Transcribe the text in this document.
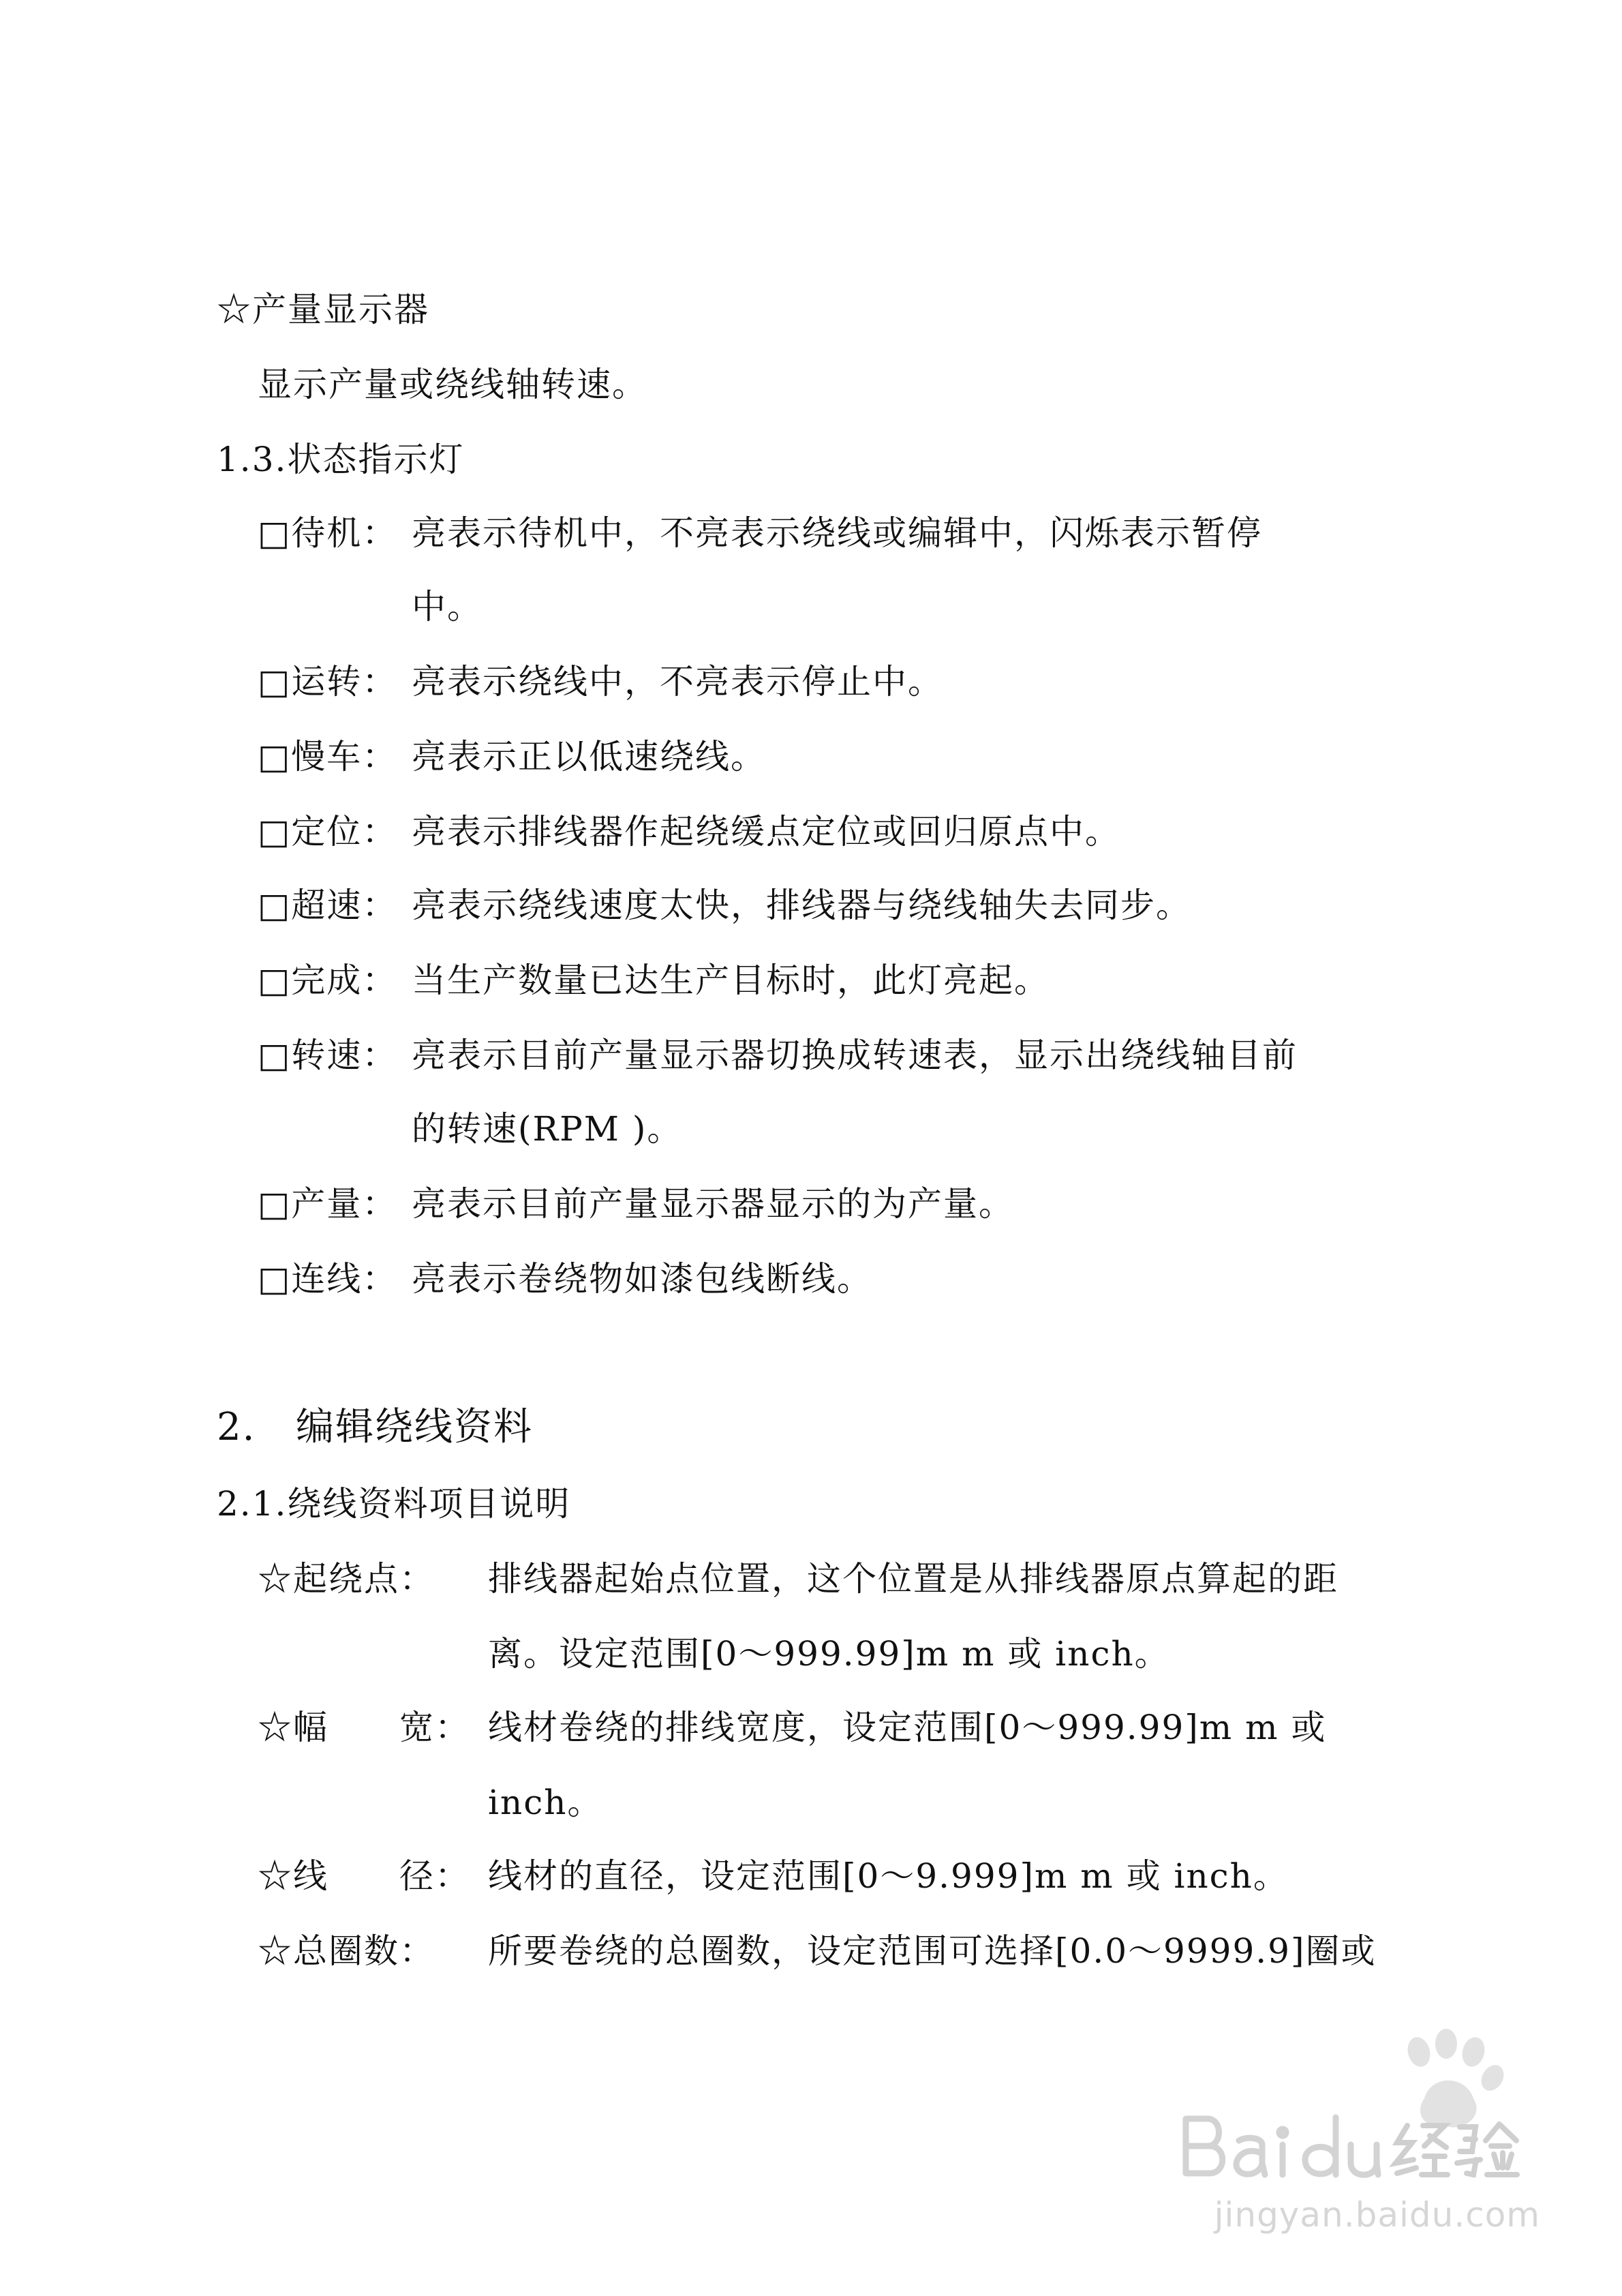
☆产量显示器
显示产量或绕线轴转速。
1.3.状态指示灯
□待机： 亮表示待机中，不亮表示绕线或编辑中，闪烁表示暂停
中。
□运转： 亮表示绕线中，不亮表示停止中。
□慢车： 亮表示正以低速绕线。
□定位： 亮表示排线器作起绕缓点定位或回归原点中。
□超速： 亮表示绕线速度太快，排线器与绕线轴失去同步。
□完成： 当生产数量已达生产目标时，此灯亮起。
□转速： 亮表示目前产量显示器切换成转速表，显示出绕线轴目前
的转速(RPM )。
□产量： 亮表示目前产量显示器显示的为产量。
□连线： 亮表示卷绕物如漆包线断线。
2. 编辑绕线资料
2.1.绕线资料项目说明
☆起绕点： 排线器起始点位置，这个位置是从排线器原点算起的距
离。设定范围[0～999.99]m m 或 inch。
☆幅　　宽： 线材卷绕的排线宽度，设定范围[0～999.99]m m 或
inch。
☆线　　径： 线材的直径，设定范围[0～9.999]m m 或 inch。
☆总圈数： 所要卷绕的总圈数，设定范围可选择[0.0～9999.9]圈或
jingyan.baidu.com
